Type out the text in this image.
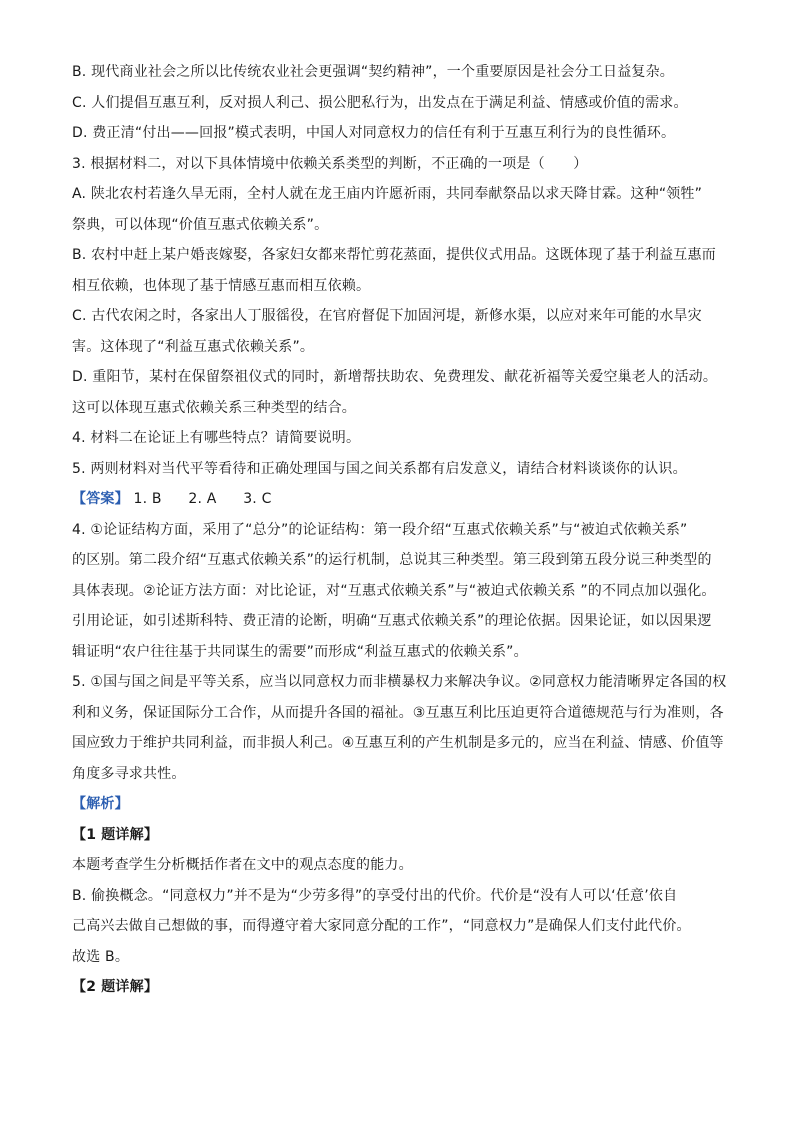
B. 现代商业社会之所以比传统农业社会更强调“契约精神”，一个重要原因是社会分工日益复杂。
C. 人们提倡互惠互利，反对损人利己、损公肥私行为，出发点在于满足利益、情感或价值的需求。
D. 费正清“付出——回报”模式表明，中国人对同意权力的信任有利于互惠互利行为的良性循环。
3. 根据材料二，对以下具体情境中依赖关系类型的判断，不正确的一项是（　　）
A. 陕北农村若逢久旱无雨，全村人就在龙王庙内许愿祈雨，共同奉献祭品以求天降甘霖。这种“领牲”
祭典，可以体现“价值互惠式依赖关系”。
B. 农村中赶上某户婚丧嫁娶，各家妇女都来帮忙剪花蒸面，提供仪式用品。这既体现了基于利益互惠而
相互依赖，也体现了基于情感互惠而相互依赖。
C. 古代农闲之时，各家出人丁服徭役，在官府督促下加固河堤，新修水渠，以应对来年可能的水旱灾
害。这体现了“利益互惠式依赖关系”。
D. 重阳节，某村在保留祭祖仪式的同时，新增帮扶助农、免费理发、献花祈福等关爱空巢老人的活动。
这可以体现互惠式依赖关系三种类型的结合。
4. 材料二在论证上有哪些特点？请简要说明。
5. 两则材料对当代平等看待和正确处理国与国之间关系都有启发意义，请结合材料谈谈你的认识。
【答案】 1. B 2. A 3. C
4. ①论证结构方面，采用了“总分”的论证结构：第一段介绍“互惠式依赖关系”与“被迫式依赖关系”
的区别。第二段介绍“互惠式依赖关系”的运行机制，总说其三种类型。第三段到第五段分说三种类型的
具体表现。②论证方法方面：对比论证，对“互惠式依赖关系”与“被迫式依赖关系 ”的不同点加以强化。
引用论证，如引述斯科特、费正清的论断，明确“互惠式依赖关系”的理论依据。因果论证，如以因果逻
辑证明“农户往往基于共同谋生的需要”而形成“利益互惠式的依赖关系”。
5. ①国与国之间是平等关系，应当以同意权力而非横暴权力来解决争议。②同意权力能清晰界定各国的权
利和义务，保证国际分工合作，从而提升各国的福祉。③互惠互利比压迫更符合道德规范与行为准则，各
国应致力于维护共同利益，而非损人利己。④互惠互利的产生机制是多元的，应当在利益、情感、价值等
角度多寻求共性。
【解析】
【1 题详解】
本题考查学生分析概括作者在文中的观点态度的能力。
B. 偷换概念。“同意权力”并不是为“少劳多得”的享受付出的代价。代价是“没有人可以‘任意’依自
己高兴去做自己想做的事，而得遵守着大家同意分配的工作”，“同意权力”是确保人们支付此代价。
故选 B。
【2 题详解】
